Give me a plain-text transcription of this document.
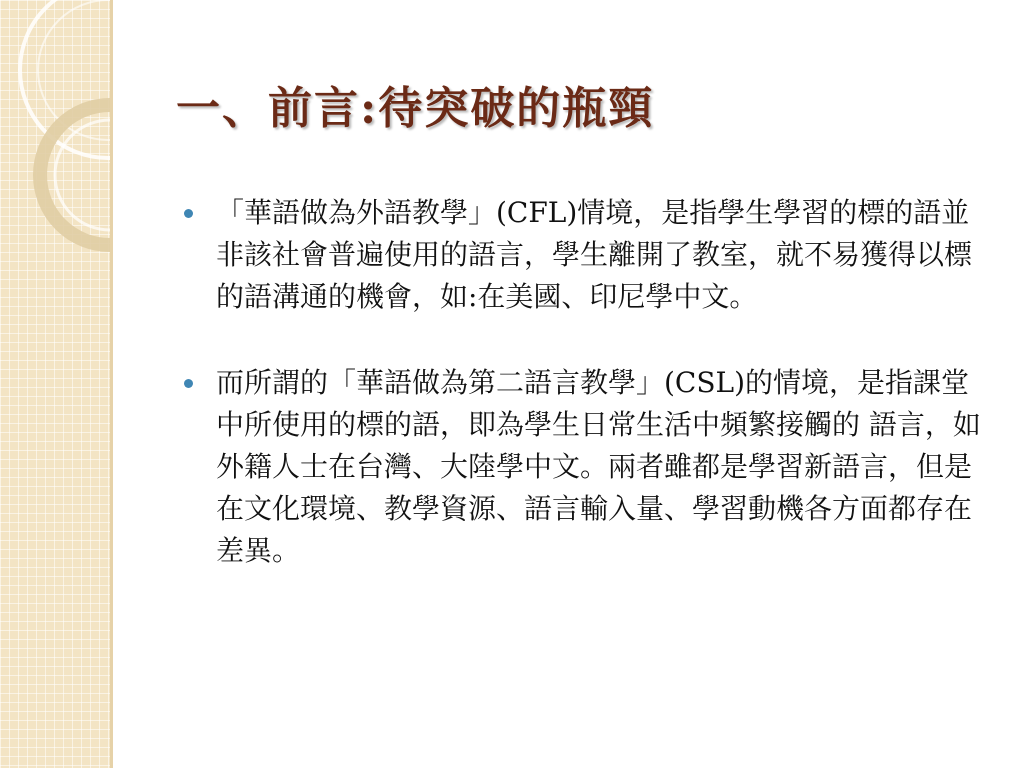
一、前言:待突破的瓶頸
「華語做為外語教學」(CFL)情境，是指學生學習的標的語並非該社會普遍使用的語言，學生離開了教室，就不易獲得以標的語溝通的機會，如:在美國、印尼學中文。
而所謂的「華語做為第二語言教學」(CSL)的情境，是指課堂中所使用的標的語，即為學生日常生活中頻繁接觸的 語言，如外籍人士在台灣、大陸學中文。兩者雖都是學習新語言，但是在文化環境、教學資源、語言輸入量、學習動機各方面都存在差異。
